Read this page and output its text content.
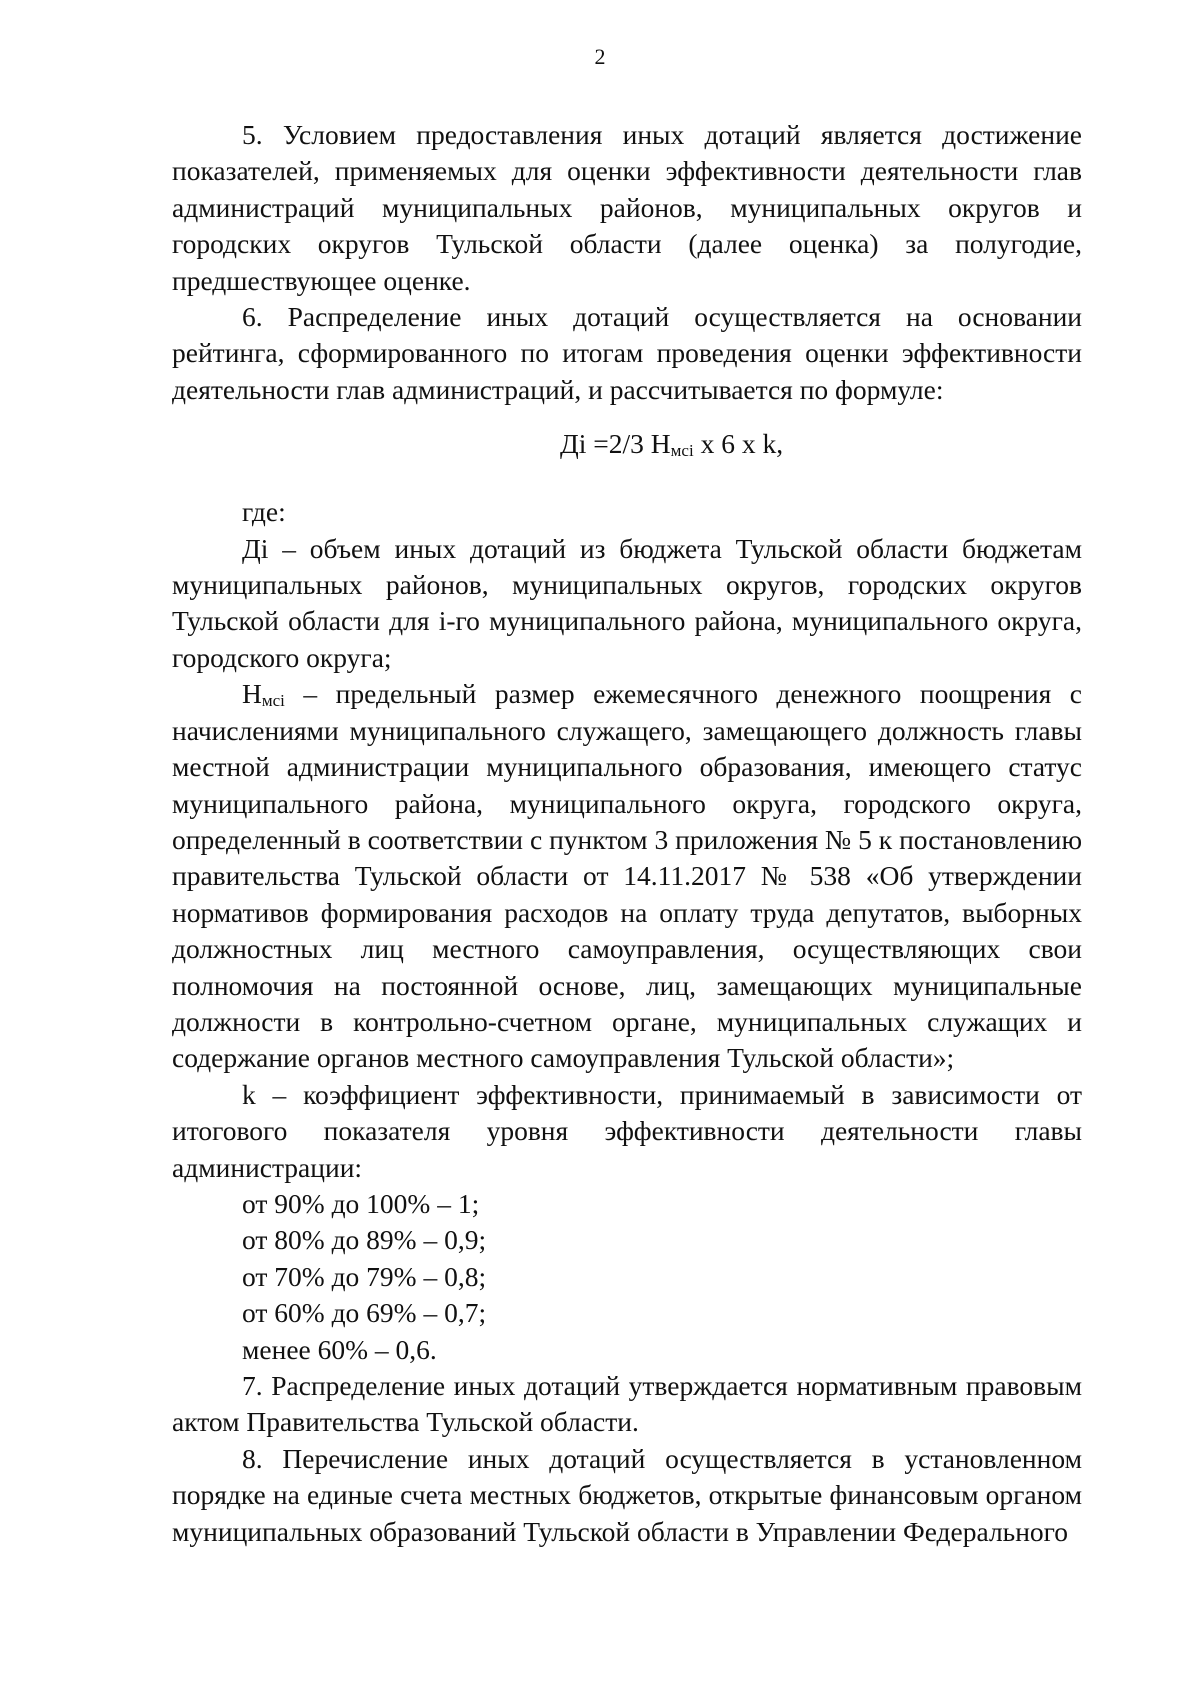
2

5. Условием предоставления иных дотаций является достижение показателей, применяемых для оценки эффективности деятельности глав администраций муниципальных районов, муниципальных округов и городских округов Тульской области (далее оценка) за полугодие, предшествующее оценке.

6. Распределение иных дотаций осуществляется на основании рейтинга, сформированного по итогам проведения оценки эффективности деятельности глав администраций, и рассчитывается по формуле:

Дi =2/3 $Н_{мсi}$ х 6 х k,

где:

Дi – объем иных дотаций из бюджета Тульской области бюджетам муниципальных районов, муниципальных округов, городских округов Тульской области для i-го муниципального района, муниципального округа, городского округа;

$Н_{мсi}$ – предельный размер ежемесячного денежного поощрения с начислениями муниципального служащего, замещающего должность главы местной администрации муниципального образования, имеющего статус муниципального района, муниципального округа, городского округа, определенный в соответствии с пунктом 3 приложения № 5 к постановлению правительства Тульской области от 14.11.2017 № 538 «Об утверждении нормативов формирования расходов на оплату труда депутатов, выборных должностных лиц местного самоуправления, осуществляющих свои полномочия на постоянной основе, лиц, замещающих муниципальные должности в контрольно-счетном органе, муниципальных служащих и содержание органов местного самоуправления Тульской области»;

k – коэффициент эффективности, принимаемый в зависимости от итогового показателя уровня эффективности деятельности главы администрации:

от 90% до 100% – 1;

от 80% до 89% – 0,9;

от 70% до 79% – 0,8;

от 60% до 69% – 0,7;

менее 60% – 0,6.

7. Распределение иных дотаций утверждается нормативным правовым актом Правительства Тульской области.

8. Перечисление иных дотаций осуществляется в установленном порядке на единые счета местных бюджетов, открытые финансовым органом муниципальных образований Тульской области в Управлении Федерального
